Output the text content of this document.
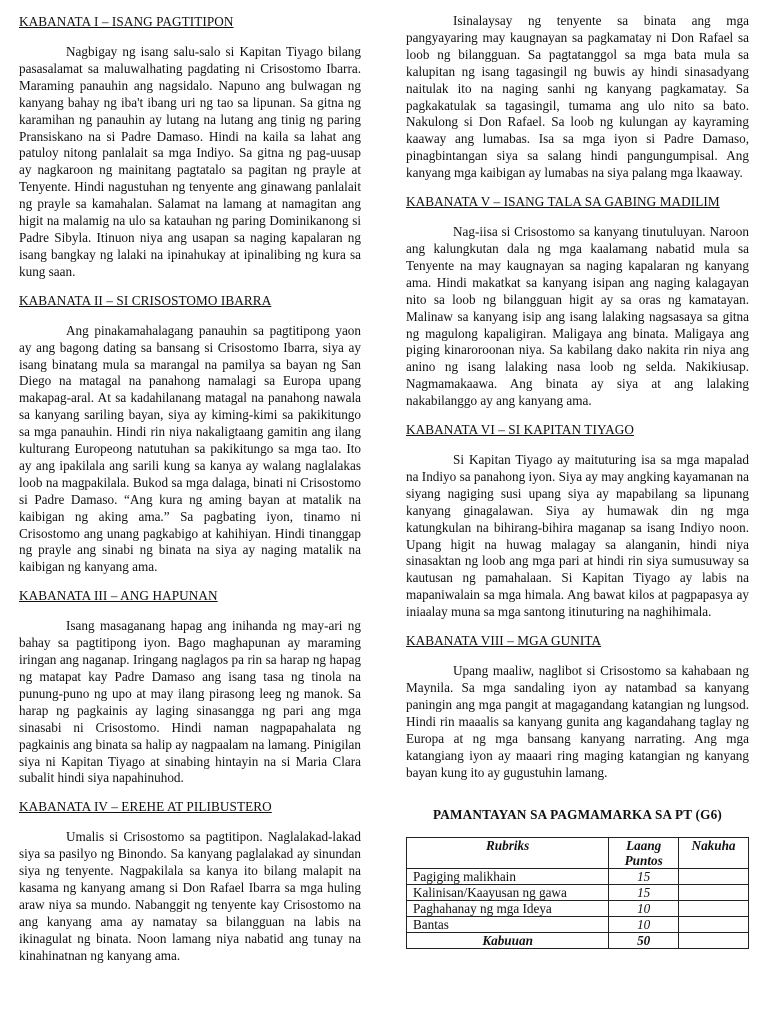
KABANATA I – ISANG PAGTITIPON

Nagbigay ng isang salu-salo si Kapitan Tiyago bilang pasasalamat sa maluwalhating pagdating ni Crisostomo Ibarra. Maraming panauhin ang nagsidalo. Napuno ang bulwagan ng kanyang bahay ng iba't ibang uri ng tao sa lipunan. Sa gitna ng karamihan ng panauhin ay lutang na lutang ang tinig ng paring Pransiskano na si Padre Damaso. Hindi na kaila sa lahat ang patuloy nitong panlalait sa mga Indiyo. Sa gitna ng pag-uusap ay nagkaroon ng mainitang pagtatalo sa pagitan ng prayle at Tenyente. Hindi nagustuhan ng tenyente ang ginawang panlalait ng prayle sa kamahalan. Salamat na lamang at namagitan ang higit na malamig na ulo sa katauhan ng paring Dominikanong si Padre Sibyla. Itinuon niya ang usapan sa naging kapalaran ng isang bangkay ng lalaki na ipinahukay at ipinalibing ng kura sa kung saan.

KABANATA II – SI CRISOSTOMO IBARRA

Ang pinakamahalagang panauhin sa pagtitipong yaon ay ang bagong dating sa bansang si Crisostomo Ibarra, siya ay isang binatang mula sa marangal na pamilya sa bayan ng San Diego na matagal na panahong namalagi sa Europa upang makapag-aral. At sa kadahilanang matagal na panahong nawala sa kanyang sariling bayan, siya ay kiming-kimi sa pakikitungo sa mga panauhin. Hindi rin niya nakaligtaang gamitin ang ilang kulturang Europeong natutuhan sa pakikitungo sa mga tao. Ito ay ang ipakilala ang sarili kung sa kanya ay walang naglalakas loob na magpakilala. Bukod sa mga dalaga, binati ni Crisostomo si Padre Damaso. “Ang kura ng aming bayan at matalik na kaibigan ng aking ama.” Sa pagbating iyon, tinamo ni Crisostomo ang unang pagkabigo at kahihiyan. Hindi tinanggap ng prayle ang sinabi ng binata na siya ay naging matalik na kaibigan ng kanyang ama.

KABANATA III – ANG HAPUNAN

Isang masaganang hapag ang inihanda ng may-ari ng bahay sa pagtitipong iyon. Bago maghapunan ay maraming iringan ang naganap. Iringang naglagos pa rin sa harap ng hapag ng matapat kay Padre Damaso ang isang tasa ng tinola na punung-puno ng upo at may ilang pirasong leeg ng manok. Sa harap ng pagkainis ay laging sinasangga ng pari ang mga sinasabi ni Crisostomo. Hindi naman nagpapahalata ng pagkainis ang binata sa halip ay nagpaalam na lamang. Pinigilan siya ni Kapitan Tiyago at sinabing hintayin na si Maria Clara subalit hindi siya napahinuhod.

KABANATA IV – EREHE AT PILIBUSTERO

Umalis si Crisostomo sa pagtitipon. Naglalakad-lakad siya sa pasilyo ng Binondo. Sa kanyang paglalakad ay sinundan siya ng tenyente. Nagpakilala sa kanya ito bilang malapit na kasama ng kanyang amang si Don Rafael Ibarra sa mga huling araw niya sa mundo. Nabanggit ng tenyente kay Crisostomo na ang kanyang ama ay namatay sa bilangguan na labis na ikinagulat ng binata. Noon lamang niya nabatid ang tunay na kinahinatnan ng kanyang ama.

Isinalaysay ng tenyente sa binata ang mga pangyayaring may kaugnayan sa pagkamatay ni Don Rafael sa loob ng bilangguan. Sa pagtatanggol sa mga bata mula sa kalupitan ng isang tagasingil ng buwis ay hindi sinasadyang naitulak ito na naging sanhi ng kanyang pagkamatay. Sa pagkakatulak sa tagasingil, tumama ang ulo nito sa bato. Nakulong si Don Rafael. Sa loob ng kulungan ay kayraming kaaway ang lumabas. Isa sa mga iyon si Padre Damaso, pinagbintangan siya sa salang hindi pangungumpisal. Ang kanyang mga kaibigan ay lumabas na siya palang mga lkaaway.

KABANATA V – ISANG TALA SA GABING MADILIM

Nag-iisa si Crisostomo sa kanyang tinutuluyan. Naroon ang kalungkutan dala ng mga kaalamang nabatid mula sa Tenyente na may kaugnayan sa naging kapalaran ng kanyang ama. Hindi makatkat sa kanyang isipan ang naging kalagayan nito sa loob ng bilangguan higit ay sa oras ng kamatayan. Malinaw sa kanyang isip ang isang lalaking nagsasaya sa gitna ng magulong kapaligiran. Maligaya ang binata. Maligaya ang piging kinaroroonan niya. Sa kabilang dako nakita rin niya ang anino ng isang lalaking nasa loob ng selda. Nakikiusap. Nagmamakaawa. Ang binata ay siya at ang lalaking nakabilanggo ay ang kanyang ama.

KABANATA VI – SI KAPITAN TIYAGO

Si Kapitan Tiyago ay maituturing isa sa mga mapalad na Indiyo sa panahong iyon. Siya ay may angking kayamanan na siyang nagiging susi upang siya ay mapabilang sa lipunang kanyang ginagalawan. Siya ay humawak din ng mga katungkulan na bihirang-bihira maganap sa isang Indiyo noon. Upang higit na huwag malagay sa alanganin, hindi niya sinasaktan ng loob ang mga pari at hindi rin siya sumusuway sa kautusan ng pamahalaan. Si Kapitan Tiyago ay labis na mapaniwalain sa mga himala. Ang bawat kilos at pagpapasya ay iniaalay muna sa mga santong itinuturing na naghihimala.

KABANATA VIII – MGA GUNITA

Upang maaliw, naglibot si Crisostomo sa kahabaan ng Maynila. Sa mga sandaling iyon ay natambad sa kanyang paningin ang mga pangit at magagandang katangian ng lungsod. Hindi rin maaalis sa kanyang gunita ang kagandahang taglay ng Europa at ng mga bansang kanyang narrating. Ang mga katangiang iyon ay maaari ring maging katangian ng kanyang bayan kung ito ay gugustuhin lamang.

PAMANTAYAN SA PAGMAMARKA SA PT (G6)
Rubriks	Laang Puntos	Nakuha
Pagiging malikhain	15	
Kalinisan/Kaayusan ng gawa	15	
Paghahanay ng mga Ideya	10	
Bantas	10	
Kabuuan	50	
